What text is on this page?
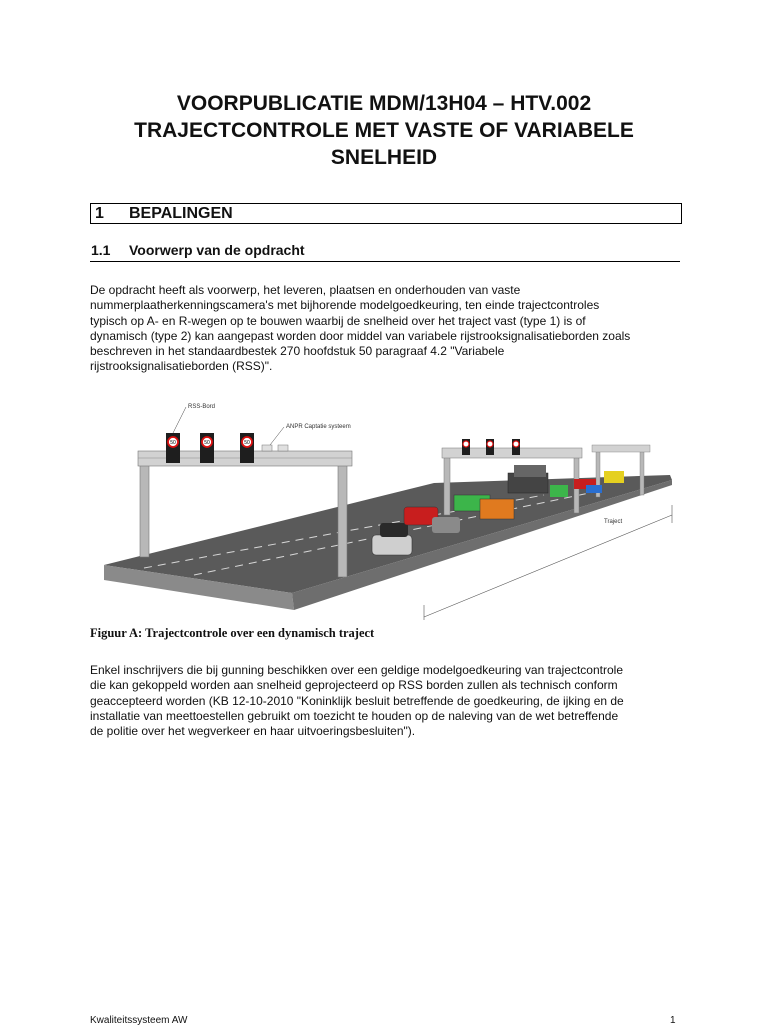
VOORPUBLICATIE MDM/13H04 – HTV.002
TRAJECTCONTROLE MET VASTE OF VARIABELE
SNELHEID
1 BEPALINGEN
1.1 Voorwerp van de opdracht

De opdracht heeft als voorwerp, het leveren, plaatsen en onderhouden van vaste
nummerplaatherkenningscamera's met bijhorende modelgoedkeuring, ten einde trajectcontroles
typisch op A- en R-wegen op te bouwen waarbij de snelheid over het traject vast (type 1) is of
dynamisch (type 2) kan aangepast worden door middel van variabele rijstrooksignalisatieborden zoals
beschreven in het standaardbestek 270 hoofdstuk 50 paragraaf 4.2 "Variabele
rijstrooksignalisatieborden (RSS)".

Traject
50	50	50
RSS-Bord
ANPR Captatie systeem
Figuur A: Trajectcontrole over een dynamisch traject

Enkel inschrijvers die bij gunning beschikken over een geldige modelgoedkeuring van trajectcontrole
die kan gekoppeld worden aan snelheid geprojecteerd op RSS borden zullen als technisch conform
geaccepteerd worden (KB 12-10-2010 "Koninklijk besluit betreffende de goedkeuring, de ijking en de
installatie van meettoestellen gebruikt om toezicht te houden op de naleving van de wet betreffende
de politie over het wegverkeer en haar uitvoeringsbesluiten").

Kwaliteitssysteem AW	1
